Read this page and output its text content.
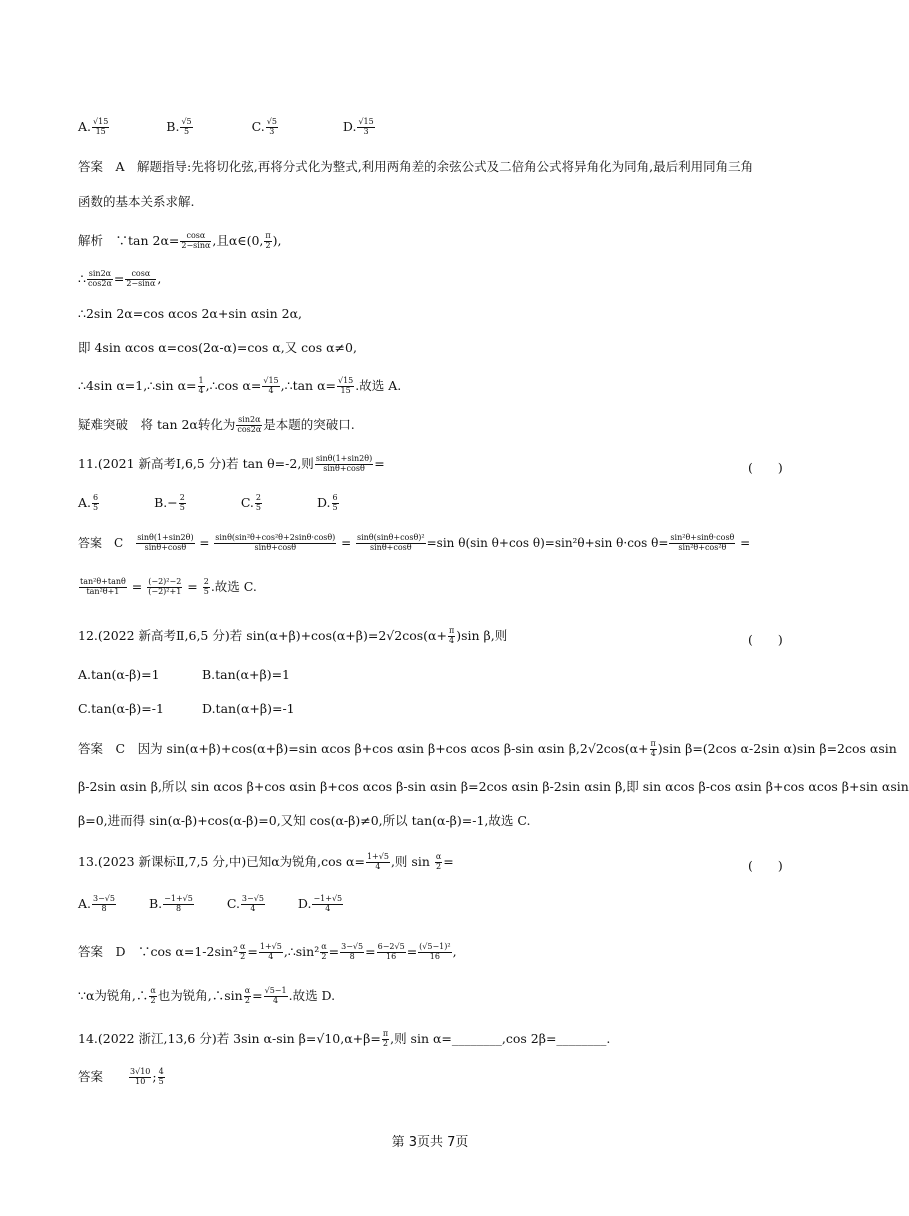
A. $\frac{√15}{15}$	B. $\frac{√5}{5}$	C. $\frac{√5}{3}$	D. $\frac{√15}{3}$
答案　A　解题指导:先将切化弦,再将分式化为整式,利用两角差的余弦公式及二倍角公式将异角化为同角,最后利用同角三角
函数的基本关系求解.
解析　∵tan $2\alpha= \frac{\cos\alpha}{2-\sin\alpha}$ ,且α∈(0, $\frac{\pi}{2}$ ),
∴ $\frac{\sin 2\alpha}{\cos 2\alpha} = \frac{\cos\alpha}{2-\sin\alpha}$ ,
∴2sin 2α=cos αcos 2α+sin αsin 2α,
即 4sin αcos α=cos(2α-α)=cos α,又 cos α≠0,
∴4sin α=1,∴sin $\alpha= \frac{1}{4}$ ,∴cos $\alpha= \frac{√15}{4}$ ,∴tan $\alpha= \frac{√15}{15}$ .故选 A.
疑难突破　将 tan 2α转化为 $\frac{\sin 2\alpha}{\cos 2\alpha}$ 是本题的突破口.
11.(2021 新高考Ⅰ,6,5 分)若 tan θ=-2,则 $\frac{\sin\theta(1+\sin 2\theta)}{\sin\theta+\cos\theta}$ =	(　　)
A. $\frac{6}{5}$	$B.- \frac{2}{5}$	C. $\frac{2}{5}$	D. $\frac{6}{5}$
答案　C　 $\frac{\sin\theta(1+\sin 2\theta)}{\sin\theta+\cos\theta} = \frac{\text{sinθ(sin²θ+cos²θ+2sinθ·cosθ)}}{\sin\theta+\cos\theta} = \frac{\text{sinθ(sinθ+cosθ)²}}{\sin\theta+\cos\theta} =\sin$ θ(sin θ+cos θ)=sin²θ+sin θ·cos $\theta= \frac{\text{sin²θ+sinθ·cosθ}}{\text{sin²θ+cos²θ}}$ =
$\frac{\text{tan²θ+tanθ}}{\text{tan²θ+1}} = \frac{\text{(−2)²−2}}{\text{(−2)²+1}} = \frac{2}{5}$ .故选 C.
12.(2022 新高考Ⅱ,6,5 分)若 $\sin(\alpha+\beta)+\cos(\alpha+\beta)=2√2\cos(\alpha+ \frac{\pi}{4} )\sin$ β,则	(　　)
A.tan(α-β)=1	B.tan(α+β)=1
C.tan(α-β)=-1	D.tan(α+β)=-1
答案　C　因为 sin(α+β)+cos(α+β)=sin αcos β+cos αsin β+cos αcos β-sin αsin $\beta,2√2\cos(\alpha+ \frac{\pi}{4} )\sin$ β=(2cos α-2sin α)sin β=2cos αsin
β-2sin αsin β,所以 sin αcos β+cos αsin β+cos αcos β-sin αsin β=2cos αsin β-2sin αsin β,即 sin αcos β-cos αsin β+cos αcos β+sin αsin
β=0,进而得 sin(α-β)+cos(α-β)=0,又知 cos(α-β)≠0,所以 tan(α-β)=-1,故选 C.
13.(2023 新课标Ⅱ,7,5 分,中)已知α为锐角,cos $\alpha= \frac{1+√5}{4}$ ,则 $\sin \frac{\alpha}{2}$ =	(　　)
A. $\frac{3-√5}{8}$	B. $\frac{-1+√5}{8}$	C. $\frac{3-√5}{4}$	D. $\frac{-1+√5}{4}$
答案　D　∵cos $\alpha=1-2\sin^2 \frac{\alpha}{2} = \frac{1+√5}{4}$ ,∴sin² $\frac{\alpha}{2} = \frac{3-√5}{8} = \frac{6-2√5}{16} = \frac{\text{(√5−1)²}}{16}$ ,
∵α为锐角,∴ $\frac{\alpha}{2}$ 也为锐角,∴sin $\frac{\alpha}{2} = \frac{√5-1}{4}$ .故选 D.
14.(2022 浙江,13,6 分)若 3sin α-sin $\beta=√10,\alpha+\beta= \frac{\pi}{2}$ ,则 sin α=________,cos 2β=________.
答案　　	$\frac{3√10}{10}$ ; $\frac{4}{5}$
第 3页共 7页
